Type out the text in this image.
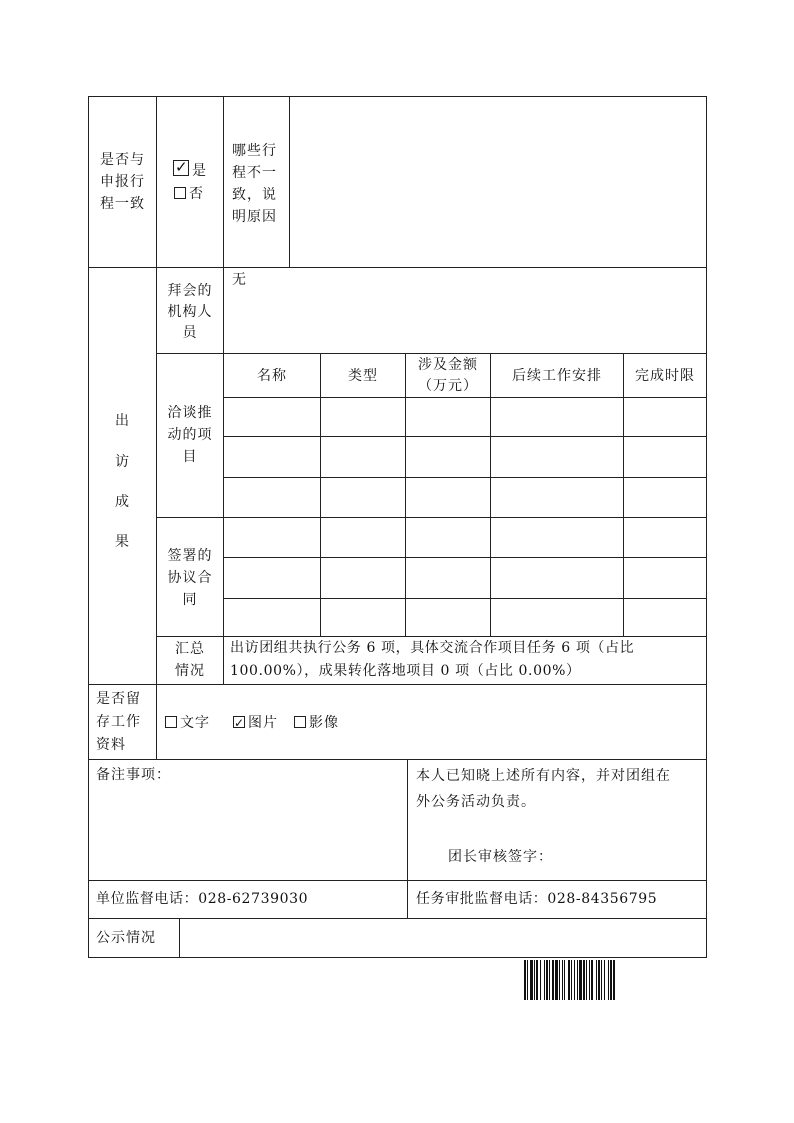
是否与
申报行
程一致
✓是
否
哪些行
程不一
致，说
明原因
出
访
成
果
拜会的
机构人
员
无
洽谈推
动的项
目
名称	类型
涉及金额
（万元）
后续工作安排	完成时限
签署的
协议合
同
汇总
情况
出访团组共执行公务 6 项，具体交流合作项目任务 6 项（占比
100.00%），成果转化落地项目 0 项（占比 0.00%）
是否留
存工作
资料
文字
✓	图片	影像
备注事项：	本人已知晓上述所有内容，并对团组在
外公务活动负责。
团长审核签字：
单位监督电话：028-62739030	任务审批监督电话：028-84356795
公示情况
